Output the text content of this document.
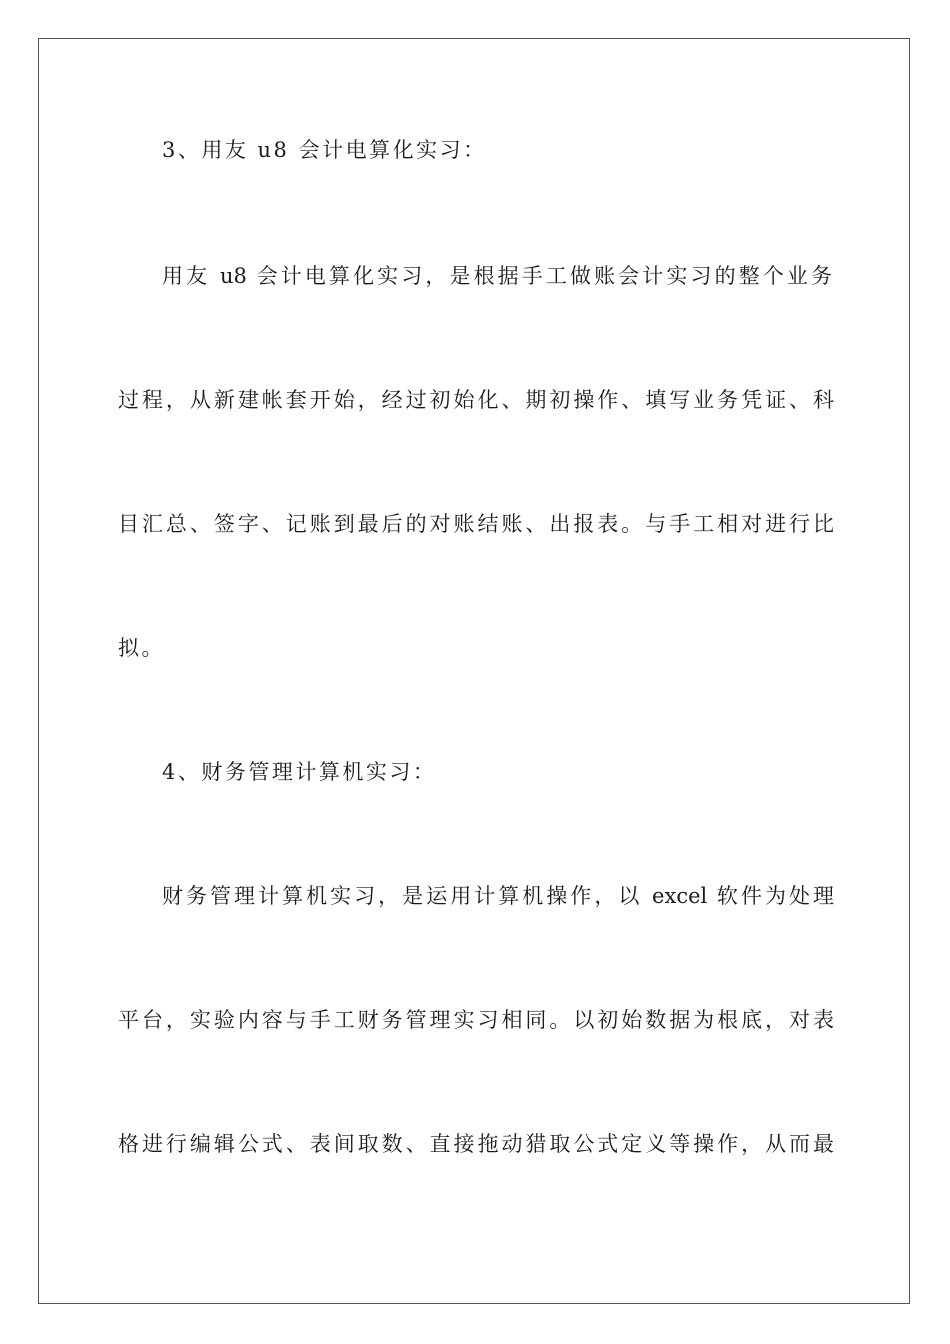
3、用友 u8 会计电算化实习：
用友 u8 会计电算化实习，是根据手工做账会计实习的整个业务
过程，从新建帐套开始，经过初始化、期初操作、填写业务凭证、科
目汇总、签字、记账到最后的对账结账、出报表。与手工相对进行比
拟。
4、财务管理计算机实习：
财务管理计算机实习，是运用计算机操作，以 excel 软件为处理
平台，实验内容与手工财务管理实习相同。以初始数据为根底，对表
格进行编辑公式、表间取数、直接拖动猎取公式定义等操作，从而最
